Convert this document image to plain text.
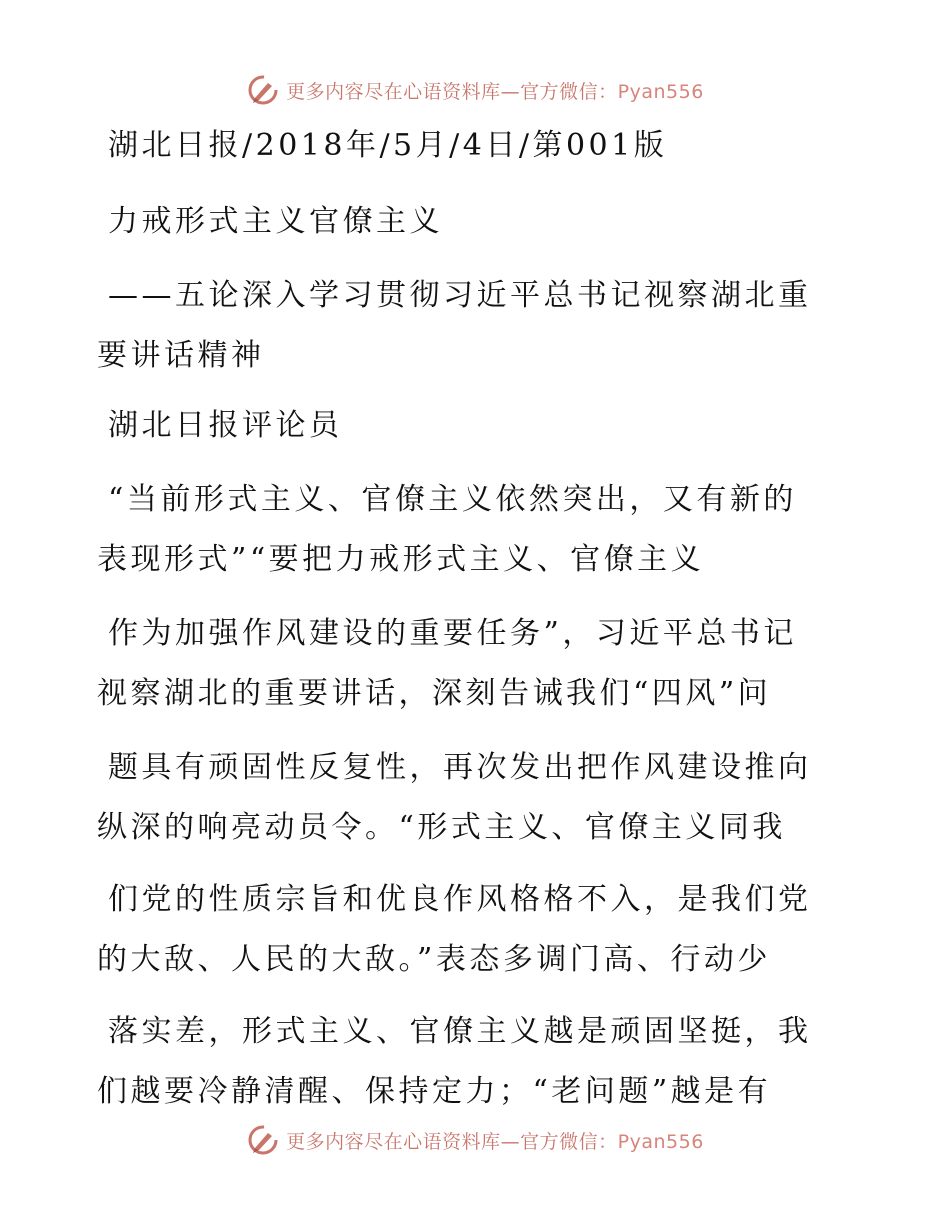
更多内容尽在心语资料库—官方微信：Pyan556
湖北日报/2018年/5月/4日/第001版
力戒形式主义官僚主义
——五论深入学习贯彻习近平总书记视察湖北重
要讲话精神
湖北日报评论员
“当前形式主义、官僚主义依然突出，又有新的
表现形式”“要把力戒形式主义、官僚主义
作为加强作风建设的重要任务”，习近平总书记
视察湖北的重要讲话，深刻告诫我们“四风”问
题具有顽固性反复性，再次发出把作风建设推向
纵深的响亮动员令。“形式主义、官僚主义同我
们党的性质宗旨和优良作风格格不入，是我们党
的大敌、人民的大敌。”表态多调门高、行动少
落实差，形式主义、官僚主义越是顽固坚挺，我
们越要冷静清醒、保持定力；“老问题”越是有
更多内容尽在心语资料库—官方微信：Pyan556
